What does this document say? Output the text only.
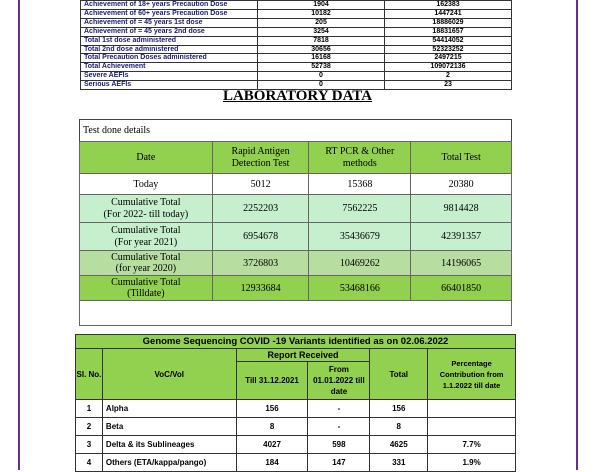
Achievement of 18+ years Precaution Dose	1904	162383
Achievement of 60+ years Precaution Dose	10182	1447241
Achievement of = 45 years 1st dose	205	18886029
Achievement of = 45 years 2nd dose	3254	18831657
Total 1st dose administered	7818	54414052
Total 2nd dose administered	30656	52323252
Total Precaution Doses administered	16168	2497215
Total Achievement	52738	109072136
Severe AEFIs	0	2
Serious AEFIs	0	23
LABORATORY DATA
Test done details			
Date	Rapid Antigen Detection Test	RT PCR & Other methods	Total Test

Today	5012	15368	20380

Cumulative Total
(For 2022- till today)	2252203	7562225	9814428

Cumulative Total
(For year 2021)	6954678	35436679	42391357

Cumulative Total
(for year 2020)	3726803	10469262	14196065

Cumulative Total
(Tilldate)	12933684	53468166	66401850

Genome Sequencing COVID -19 Variants identified as on 02.06.2022					
Sl. No.	VoC/VoI	Report Received		Total	Percentage Contribution from 1.1.2022 till date
		Till 31.12.2021	From 01.01.2022 till date		
1	Alpha	156	-	156	
2	Beta	8	-	8	
3	Delta & its Sublineages	4027	598	4625	7.7%
4	Others (ETA/kappa/pango)	184	147	331	1.9%
